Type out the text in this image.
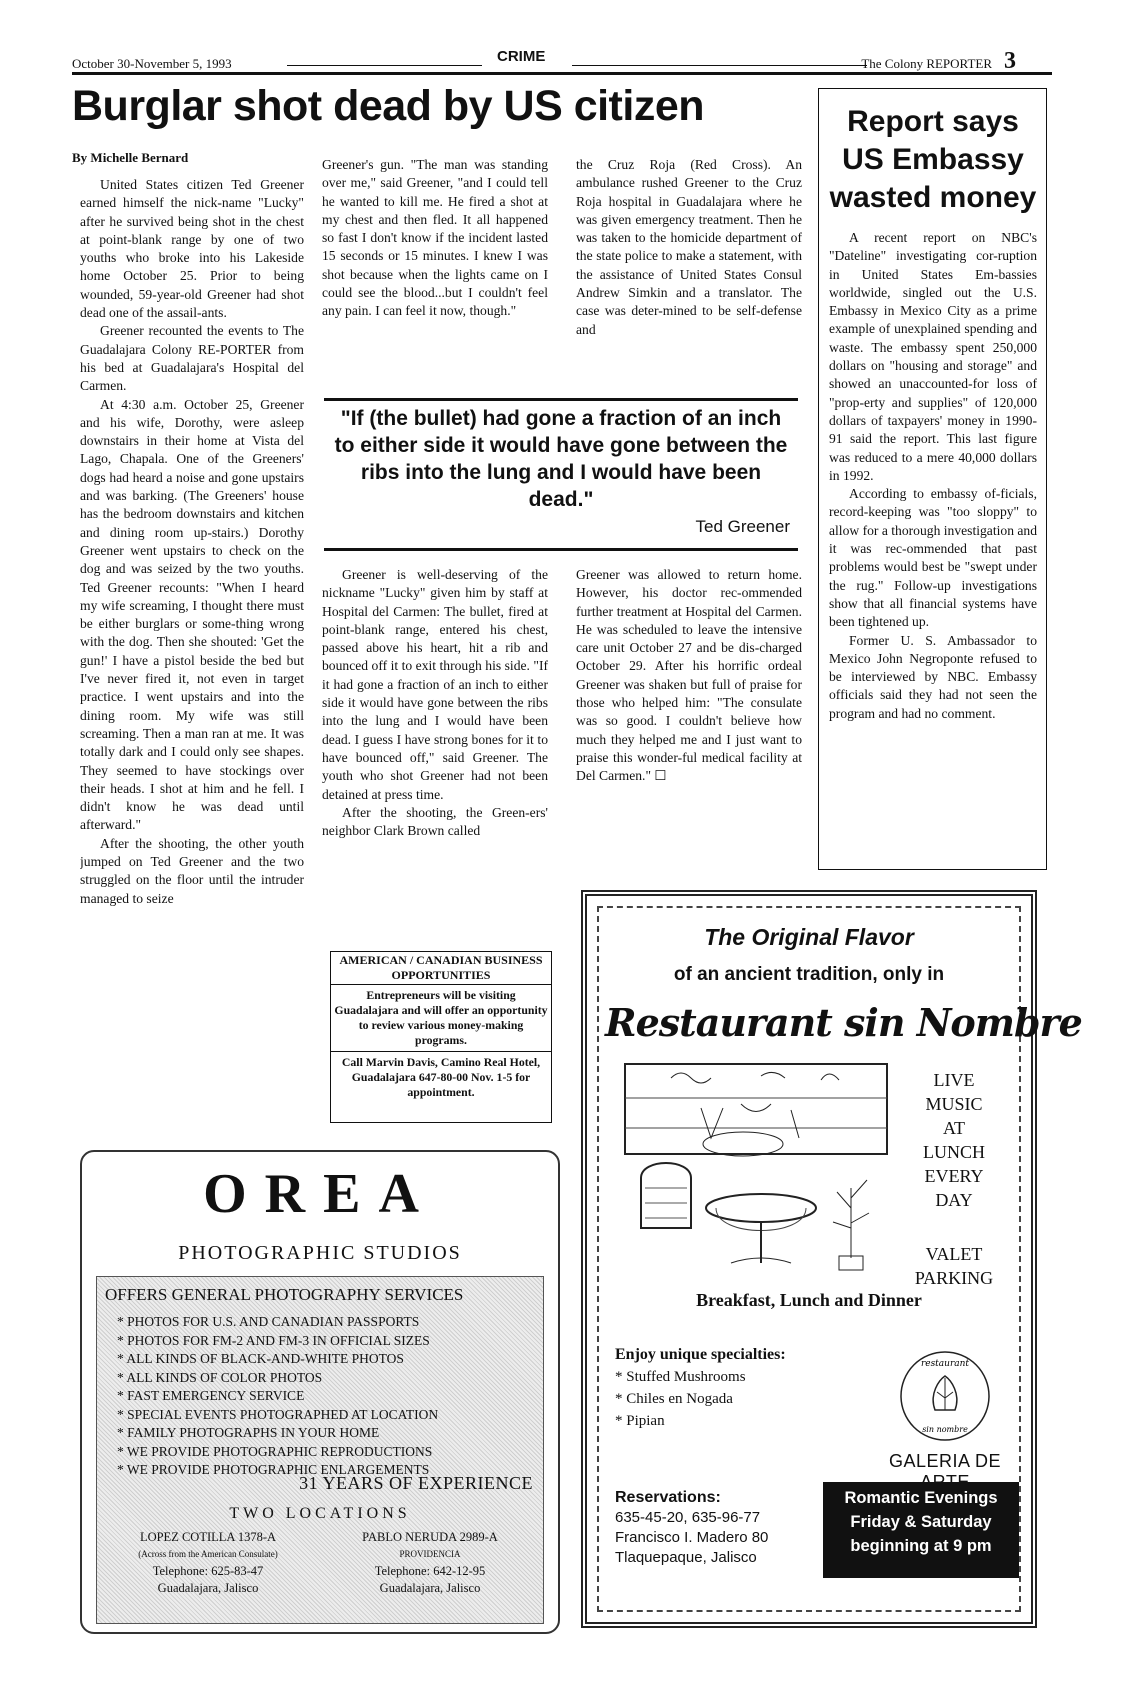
October 30-November 5, 1993	CRIME	The Colony REPORTER 3
Burglar shot dead by US citizen
By Michelle Bernard

United States citizen Ted Greener earned himself the nick-name "Lucky" after he survived being shot in the chest at point-blank range by one of two youths who broke into his Lakeside home October 25. Prior to being wounded, 59-year-old Greener had shot dead one of the assail-ants.

Greener recounted the events to The Guadalajara Colony RE-PORTER from his bed at Guadalajara's Hospital del Carmen.

At 4:30 a.m. October 25, Greener and his wife, Dorothy, were asleep downstairs in their home at Vista del Lago, Chapala. One of the Greeners' dogs had heard a noise and gone upstairs and was barking. (The Greeners' house has the bedroom downstairs and kitchen and dining room up-stairs.) Dorothy Greener went upstairs to check on the dog and was seized by the two youths. Ted Greener recounts: "When I heard my wife screaming, I thought there must be either burglars or some-thing wrong with the dog. Then she shouted: 'Get the gun!' I have a pistol beside the bed but I've never fired it, not even in target practice. I went upstairs and into the dining room. My wife was still screaming. Then a man ran at me. It was totally dark and I could only see shapes. They seemed to have stockings over their heads. I shot at him and he fell. I didn't know he was dead until afterward."

After the shooting, the other youth jumped on Ted Greener and the two struggled on the floor until the intruder managed to seize

Greener's gun. "The man was standing over me," said Greener, "and I could tell he wanted to kill me. He fired a shot at my chest and then fled. It all happened so fast I don't know if the incident lasted 15 seconds or 15 minutes. I knew I was shot because when the lights came on I could see the blood...but I couldn't feel any pain. I can feel it now, though."

the Cruz Roja (Red Cross). An ambulance rushed Greener to the Cruz Roja hospital in Guadalajara where he was given emergency treatment. Then he was taken to the homicide department of the state police to make a statement, with the assistance of United States Consul Andrew Simkin and a translator. The case was deter-mined to be self-defense and

"If (the bullet) had gone a fraction of an inch to either side it would have gone between the ribs into the lung and I would have been dead."
Ted Greener

Greener is well-deserving of the nickname "Lucky" given him by staff at Hospital del Carmen: The bullet, fired at point-blank range, entered his chest, passed above his heart, hit a rib and bounced off it to exit through his side. "If it had gone a fraction of an inch to either side it would have gone between the ribs into the lung and I would have been dead. I guess I have strong bones for it to have bounced off," said Greener. The youth who shot Greener had not been detained at press time.

After the shooting, the Green-ers' neighbor Clark Brown called

Greener was allowed to return home. However, his doctor rec-ommended further treatment at Hospital del Carmen. He was scheduled to leave the intensive care unit October 27 and be dis-charged October 29. After his horrific ordeal Greener was shaken but full of praise for those who helped him: "The consulate was so good. I couldn't believe how much they helped me and I just want to praise this wonder-ful medical facility at Del Carmen." ☐

AMERICAN / CANADIAN BUSINESS OPPORTUNITIES
Entrepreneurs will be visiting Guadalajara and will offer an opportunity to review various money-making programs.
Call Marvin Davis, Camino Real Hotel, Guadalajara 647-80-00 Nov. 1-5 for appointment.
Report says US Embassy wasted money

A recent report on NBC's "Dateline" investigating cor-ruption in United States Em-bassies worldwide, singled out the U.S. Embassy in Mexico City as a prime example of unexplained spending and waste. The embassy spent 250,000 dollars on "housing and storage" and showed an unaccounted-for loss of "prop-erty and supplies" of 120,000 dollars of taxpayers' money in 1990-91 said the report. This last figure was reduced to a mere 40,000 dollars in 1992.

According to embassy of-ficials, record-keeping was "too sloppy" to allow for a thorough investigation and it was rec-ommended that past problems would best be "swept under the rug." Follow-up investigations show that all financial systems have been tightened up.

Former U. S. Ambassador to Mexico John Negroponte refused to be interviewed by NBC. Embassy officials said they had not seen the program and had no comment.

OREA
PHOTOGRAPHIC STUDIOS
OFFERS GENERAL PHOTOGRAPHY SERVICES
* PHOTOS FOR U.S. AND CANADIAN PASSPORTS
* PHOTOS FOR FM-2 AND FM-3 IN OFFICIAL SIZES
* ALL KINDS OF BLACK-AND-WHITE PHOTOS
* ALL KINDS OF COLOR PHOTOS
* FAST EMERGENCY SERVICE
* SPECIAL EVENTS PHOTOGRAPHED AT LOCATION
* FAMILY PHOTOGRAPHS IN YOUR HOME
* WE PROVIDE PHOTOGRAPHIC REPRODUCTIONS
* WE PROVIDE PHOTOGRAPHIC ENLARGEMENTS
31 YEARS OF EXPERIENCE
TWO LOCATIONS
LOPEZ COTILLA 1378-A
(Across from the American Consulate)
Telephone: 625-83-47
Guadalajara, Jalisco
PABLO NERUDA 2989-A
PROVIDENCIA
Telephone: 642-12-95
Guadalajara, Jalisco
The Original Flavor
of an ancient tradition, only in
Restaurant sin Nombre
LIVE
MUSIC
AT
LUNCH
EVERY
DAY
VALET
PARKING
Breakfast, Lunch and Dinner
Enjoy unique specialties:
* Stuffed Mushrooms
* Chiles en Nogada
* Pipian
restaurant
sin nombre
GALERIA DE
Reservations:
635-45-20, 635-96-77
Francisco I. Madero 80
Tlaquepaque, Jalisco
Romantic Evenings
Friday & Saturday
beginning at 9 pm
